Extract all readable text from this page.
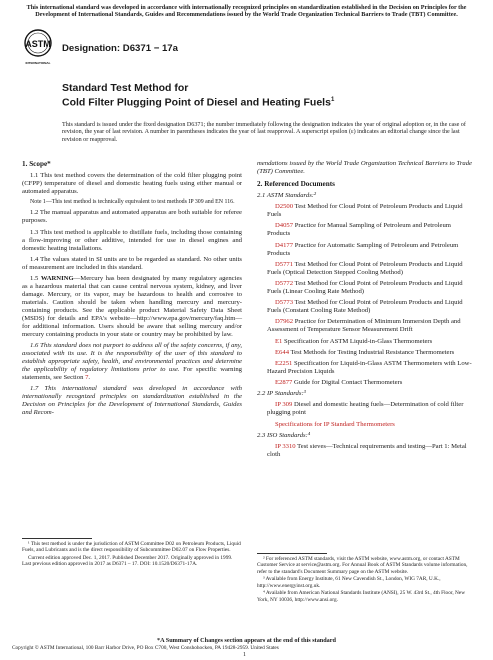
This international standard was developed in accordance with internationally recognized principles on standardization established in the Decision on Principles for the Development of International Standards, Guides and Recommendations issued by the World Trade Organization Technical Barriers to Trade (TBT) Committee.
ASTM
INTERNATIONAL
Designation: D6371 − 17a
Standard Test Method for
Cold Filter Plugging Point of Diesel and Heating Fuels$^1$
This standard is issued under the fixed designation D6371; the number immediately following the designation indicates the year of original adoption or, in the case of revision, the year of last revision. A number in parentheses indicates the year of last reapproval. A superscript epsilon (ε) indicates an editorial change since the last revision or reapproval.
1. Scope*

1.1 This test method covers the determination of the cold filter plugging point (CFPP) temperature of diesel and domestic heating fuels using either manual or automated apparatus.

Note 1—This test method is technically equivalent to test methods IP 309 and EN 116.

1.2 The manual apparatus and automated apparatus are both suitable for referee purposes.

1.3 This test method is applicable to distillate fuels, including those containing a flow-improving or other additive, intended for use in diesel engines and domestic heating installations.

1.4 The values stated in SI units are to be regarded as standard. No other units of measurement are included in this standard.

1.5 WARNING—Mercury has been designated by many regulatory agencies as a hazardous material that can cause central nervous system, kidney, and liver damage. Mercury, or its vapor, may be hazardous to health and corrosive to materials. Caution should be taken when handling mercury and mercury-containing products. See the applicable product Material Safety Data Sheet (MSDS) for details and EPA's website—http://www.epa.gov/mercury/faq.htm—for additional information. Users should be aware that selling mercury and/or mercury containing products in your state or country may be prohibited by law.

1.6 This standard does not purport to address all of the safety concerns, if any, associated with its use. It is the responsibility of the user of this standard to establish appropriate safety, health, and environmental practices and determine the applicability of regulatory limitations prior to use. For specific warning statements, see Section 7.

1.7 This international standard was developed in accordance with internationally recognized principles on standardization established in the Decision on Principles for the Development of International Standards, Guides and Recom-

¹ This test method is under the jurisdiction of ASTM Committee D02 on Petroleum Products, Liquid Fuels, and Lubricants and is the direct responsibility of Subcommittee D02.07 on Flow Properties.

Current edition approved Dec. 1, 2017. Published December 2017. Originally approved in 1999. Last previous edition approved in 2017 as D6371 – 17. DOI: 10.1520/D6371-17A.

mendations issued by the World Trade Organization Technical Barriers to Trade (TBT) Committee.

2. Referenced Documents

2.1 ASTM Standards:²

D2500 Test Method for Cloud Point of Petroleum Products and Liquid Fuels

D4057 Practice for Manual Sampling of Petroleum and Petroleum Products

D4177 Practice for Automatic Sampling of Petroleum and Petroleum Products

D5771 Test Method for Cloud Point of Petroleum Products and Liquid Fuels (Optical Detection Stepped Cooling Method)

D5772 Test Method for Cloud Point of Petroleum Products and Liquid Fuels (Linear Cooling Rate Method)

D5773 Test Method for Cloud Point of Petroleum Products and Liquid Fuels (Constant Cooling Rate Method)

D7962 Practice for Determination of Minimum Immersion Depth and Assessment of Temperature Sensor Measurement Drift

E1 Specification for ASTM Liquid-in-Glass Thermometers

E644 Test Methods for Testing Industrial Resistance Thermometers

E2251 Specification for Liquid-in-Glass ASTM Thermometers with Low-Hazard Precision Liquids

E2877 Guide for Digital Contact Thermometers

2.2 IP Standards:³

IP 309 Diesel and domestic heating fuels—Determination of cold filter plugging point

Specifications for IP Standard Thermometers

2.3 ISO Standards:⁴

IP 3310 Test sieves—Technical requirements and testing—Part 1: Metal cloth

² For referenced ASTM standards, visit the ASTM website, www.astm.org, or contact ASTM Customer Service at service@astm.org. For Annual Book of ASTM Standards volume information, refer to the standard's Document Summary page on the ASTM website.

³ Available from Energy Institute, 61 New Cavendish St., London, WIG 7AR, U.K., http://www.energyinst.org.uk.

⁴ Available from American National Standards Institute (ANSI), 25 W. 43rd St., 4th Floor, New York, NY 10036, http://www.ansi.org.

*A Summary of Changes section appears at the end of this standard
Copyright © ASTM International, 100 Barr Harbor Drive, PO Box C700, West Conshohocken, PA 19428-2959. United States
1
